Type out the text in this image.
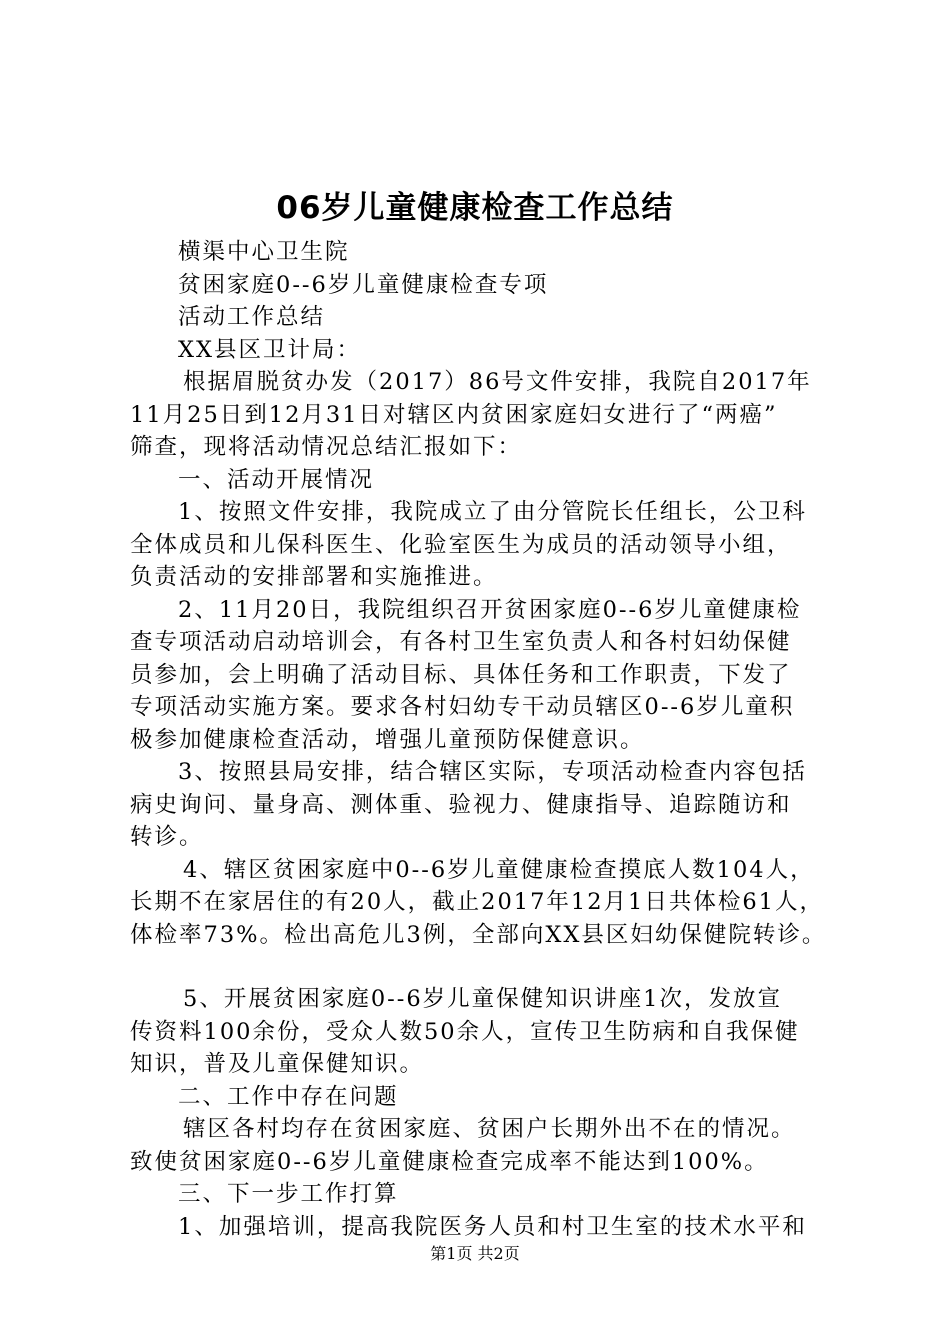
06岁儿童健康检查工作总结

横渠中心卫生院

贫困家庭0--6岁儿童健康检查专项

活动工作总结

XX县区卫计局：

根据眉脱贫办发（2017）86号文件安排，我院自2017年

11月25日到12月31日对辖区内贫困家庭妇女进行了“两癌”

筛查，现将活动情况总结汇报如下：

一、活动开展情况

1、按照文件安排，我院成立了由分管院长任组长，公卫科

全体成员和儿保科医生、化验室医生为成员的活动领导小组，

负责活动的安排部署和实施推进。

2、11月20日，我院组织召开贫困家庭0--6岁儿童健康检

查专项活动启动培训会，有各村卫生室负责人和各村妇幼保健

员参加，会上明确了活动目标、具体任务和工作职责，下发了

专项活动实施方案。要求各村妇幼专干动员辖区0--6岁儿童积

极参加健康检查活动，增强儿童预防保健意识。

3、按照县局安排，结合辖区实际，专项活动检查内容包括

病史询问、量身高、测体重、验视力、健康指导、追踪随访和

转诊。

4、辖区贫困家庭中0--6岁儿童健康检查摸底人数104人，

长期不在家居住的有20人，截止2017年12月1日共体检61人，

体检率73%。检出高危儿3例，全部向XX县区妇幼保健院转诊。

5、开展贫困家庭0--6岁儿童保健知识讲座1次，发放宣

传资料100余份，受众人数50余人，宣传卫生防病和自我保健

知识，普及儿童保健知识。

二、工作中存在问题

辖区各村均存在贫困家庭、贫困户长期外出不在的情况。

致使贫困家庭0--6岁儿童健康检查完成率不能达到100%。

三、下一步工作打算

1、加强培训，提高我院医务人员和村卫生室的技术水平和

第1页 共2页
